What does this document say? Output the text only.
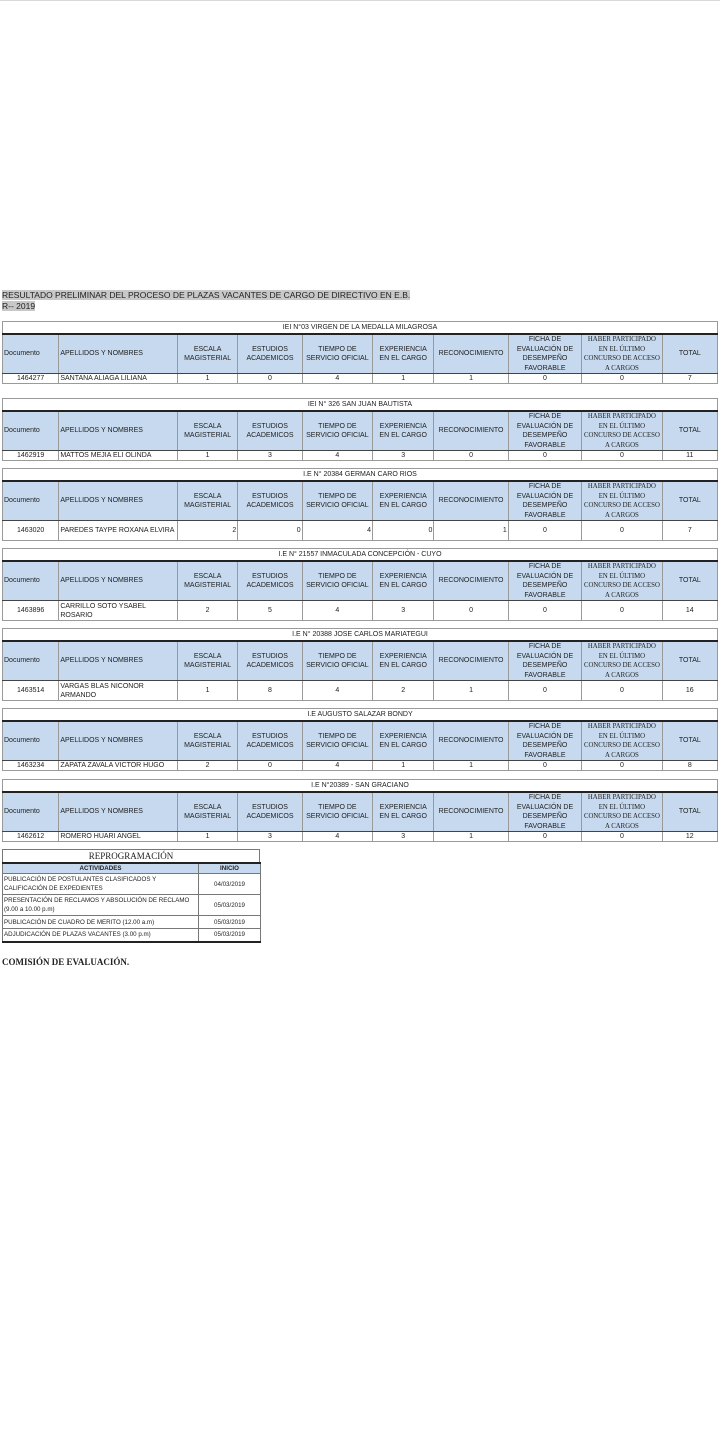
RESULTADO PRELIMINAR DEL PROCESO DE PLAZAS VACANTES DE CARGO DE DIRECTIVO EN E.B.
R-- 2019
IEI N°03 VIRGEN DE LA MEDALLA MILAGROSA
Documento	APELLIDOS Y NOMBRES	ESCALA MAGISTERIAL	ESTUDIOS ACADEMICOS	TIEMPO DE SERVICIO OFICIAL	EXPERIENCIA EN EL CARGO	RECONOCIMIENTO	FICHA DE EVALUACIÓN DE DESEMPEÑO FAVORABLE	HABER PARTICIPADO EN EL ÚLTIMO CONCURSO DE ACCESO A CARGOS	TOTAL
1464277	SANTANA ALIAGA LILIANA	1	0	4	1	1	0	0	7
IEI N° 326 SAN JUAN BAUTISTA
Documento	APELLIDOS Y NOMBRES	ESCALA MAGISTERIAL	ESTUDIOS ACADEMICOS	TIEMPO DE SERVICIO OFICIAL	EXPERIENCIA EN EL CARGO	RECONOCIMIENTO	FICHA DE EVALUACIÓN DE DESEMPEÑO FAVORABLE	HABER PARTICIPADO EN EL ÚLTIMO CONCURSO DE ACCESO A CARGOS	TOTAL
1462919	MATTOS MEJIA ELI OLINDA	1	3	4	3	0	0	0	11
I.E N° 20384 GERMAN CARO RIOS
Documento	APELLIDOS Y NOMBRES	ESCALA MAGISTERIAL	ESTUDIOS ACADEMICOS	TIEMPO DE SERVICIO OFICIAL	EXPERIENCIA EN EL CARGO	RECONOCIMIENTO	FICHA DE EVALUACIÓN DE DESEMPEÑO FAVORABLE	HABER PARTICIPADO EN EL ÚLTIMO CONCURSO DE ACCESO A CARGOS	TOTAL
1463020	PAREDES TAYPE ROXANA ELVIRA	2	0	4	0	1	0	0	7
I.E N° 21557 INMACULADA CONCEPCIÓN - CUYO
Documento	APELLIDOS Y NOMBRES	ESCALA MAGISTERIAL	ESTUDIOS ACADEMICOS	TIEMPO DE SERVICIO OFICIAL	EXPERIENCIA EN EL CARGO	RECONOCIMIENTO	FICHA DE EVALUACIÓN DE DESEMPEÑO FAVORABLE	HABER PARTICIPADO EN EL ÚLTIMO CONCURSO DE ACCESO A CARGOS	TOTAL
1463896	CARRILLO SOTO YSABEL ROSARIO	2	5	4	3	0	0	0	14
I.E N° 20388 JOSE CARLOS MARIATEGUI
Documento	APELLIDOS Y NOMBRES	ESCALA MAGISTERIAL	ESTUDIOS ACADEMICOS	TIEMPO DE SERVICIO OFICIAL	EXPERIENCIA EN EL CARGO	RECONOCIMIENTO	FICHA DE EVALUACIÓN DE DESEMPEÑO FAVORABLE	HABER PARTICIPADO EN EL ÚLTIMO CONCURSO DE ACCESO A CARGOS	TOTAL
1463514	VARGAS BLAS NICONOR ARMANDO	1	8	4	2	1	0	0	16
I.E AUGUSTO SALAZAR BONDY
Documento	APELLIDOS Y NOMBRES	ESCALA MAGISTERIAL	ESTUDIOS ACADEMICOS	TIEMPO DE SERVICIO OFICIAL	EXPERIENCIA EN EL CARGO	RECONOCIMIENTO	FICHA DE EVALUACIÓN DE DESEMPEÑO FAVORABLE	HABER PARTICIPADO EN EL ÚLTIMO CONCURSO DE ACCESO A CARGOS	TOTAL
1463234	ZAPATA ZAVALA VICTOR HUGO	2	0	4	1	1	0	0	8
I.E N°20389 - SAN GRACIANO
Documento	APELLIDOS Y NOMBRES	ESCALA MAGISTERIAL	ESTUDIOS ACADEMICOS	TIEMPO DE SERVICIO OFICIAL	EXPERIENCIA EN EL CARGO	RECONOCIMIENTO	FICHA DE EVALUACIÓN DE DESEMPEÑO FAVORABLE	HABER PARTICIPADO EN EL ÚLTIMO CONCURSO DE ACCESO A CARGOS	TOTAL
1462612	ROMERO HUARI ANGEL	1	3	4	3	1	0	0	12
REPROGRAMACIÓN
ACTIVIDADES	INICIO
PUBLICACIÓN DE POSTULANTES CLASIFICADOS Y CALIFICACIÓN DE EXPEDIENTES	04/03/2019
PRESENTACIÓN DE RECLAMOS Y ABSOLUCIÓN DE RECLAMO (9.00 a 10.00 p.m)	05/03/2019
PUBLICACIÓN DE CUADRO DE MERITO (12.00 a.m)	05/03/2019
ADJUDICACIÓN DE PLAZAS VACANTES (3.00 p.m)	05/03/2019
COMISIÓN DE EVALUACIÓN.
